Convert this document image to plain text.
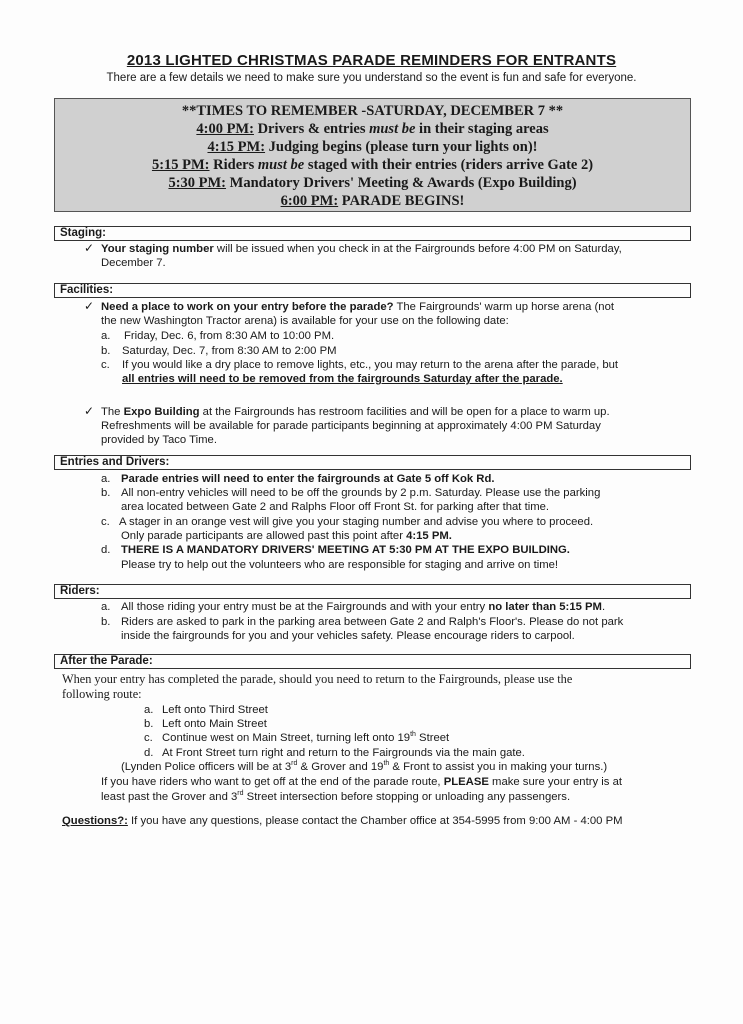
2013 LIGHTED CHRISTMAS PARADE REMINDERS FOR ENTRANTS
There are a few details we need to make sure you understand so the event is fun and safe for everyone.
**TIMES TO REMEMBER -SATURDAY, DECEMBER 7 **
4:00 PM: Drivers & entries must be in their staging areas
4:15 PM: Judging begins (please turn your lights on)!
5:15 PM: Riders must be staged with their entries (riders arrive Gate 2)
5:30 PM: Mandatory Drivers' Meeting & Awards (Expo Building)
6:00 PM: PARADE BEGINS!
Staging:
✓ Your staging number will be issued when you check in at the Fairgrounds before 4:00 PM on Saturday,
December 7.
Facilities:
✓ Need a place to work on your entry before the parade? The Fairgrounds' warm up horse arena (not
the new Washington Tractor arena) is available for your use on the following date:
a. Friday, Dec. 6, from 8:30 AM to 10:00 PM.
b. Saturday, Dec. 7, from 8:30 AM to 2:00 PM
c. If you would like a dry place to remove lights, etc., you may return to the arena after the parade, but
all entries will need to be removed from the fairgrounds Saturday after the parade.
✓ The Expo Building at the Fairgrounds has restroom facilities and will be open for a place to warm up.
Refreshments will be available for parade participants beginning at approximately 4:00 PM Saturday
provided by Taco Time.
Entries and Drivers:
a. Parade entries will need to enter the fairgrounds at Gate 5 off Kok Rd.
b. All non-entry vehicles will need to be off the grounds by 2 p.m. Saturday. Please use the parking
area located between Gate 2 and Ralphs Floor off Front St. for parking after that time.
c. A stager in an orange vest will give you your staging number and advise you where to proceed.
Only parade participants are allowed past this point after 4:15 PM.
d. THERE IS A MANDATORY DRIVERS' MEETING AT 5:30 PM AT THE EXPO BUILDING.
Please try to help out the volunteers who are responsible for staging and arrive on time!
Riders:
a. All those riding your entry must be at the Fairgrounds and with your entry no later than 5:15 PM.
b. Riders are asked to park in the parking area between Gate 2 and Ralph's Floor's. Please do not park
inside the fairgrounds for you and your vehicles safety. Please encourage riders to carpool.
After the Parade:
When your entry has completed the parade, should you need to return to the Fairgrounds, please use the
following route:
a. Left onto Third Street
b. Left onto Main Street
c. Continue west on Main Street, turning left onto 19th Street
d. At Front Street turn right and return to the Fairgrounds via the main gate.
(Lynden Police officers will be at 3rd & Grover and 19th & Front to assist you in making your turns.)
If you have riders who want to get off at the end of the parade route, PLEASE make sure your entry is at
least past the Grover and 3rd Street intersection before stopping or unloading any passengers.
Questions?: If you have any questions, please contact the Chamber office at 354-5995 from 9:00 AM - 4:00 PM
